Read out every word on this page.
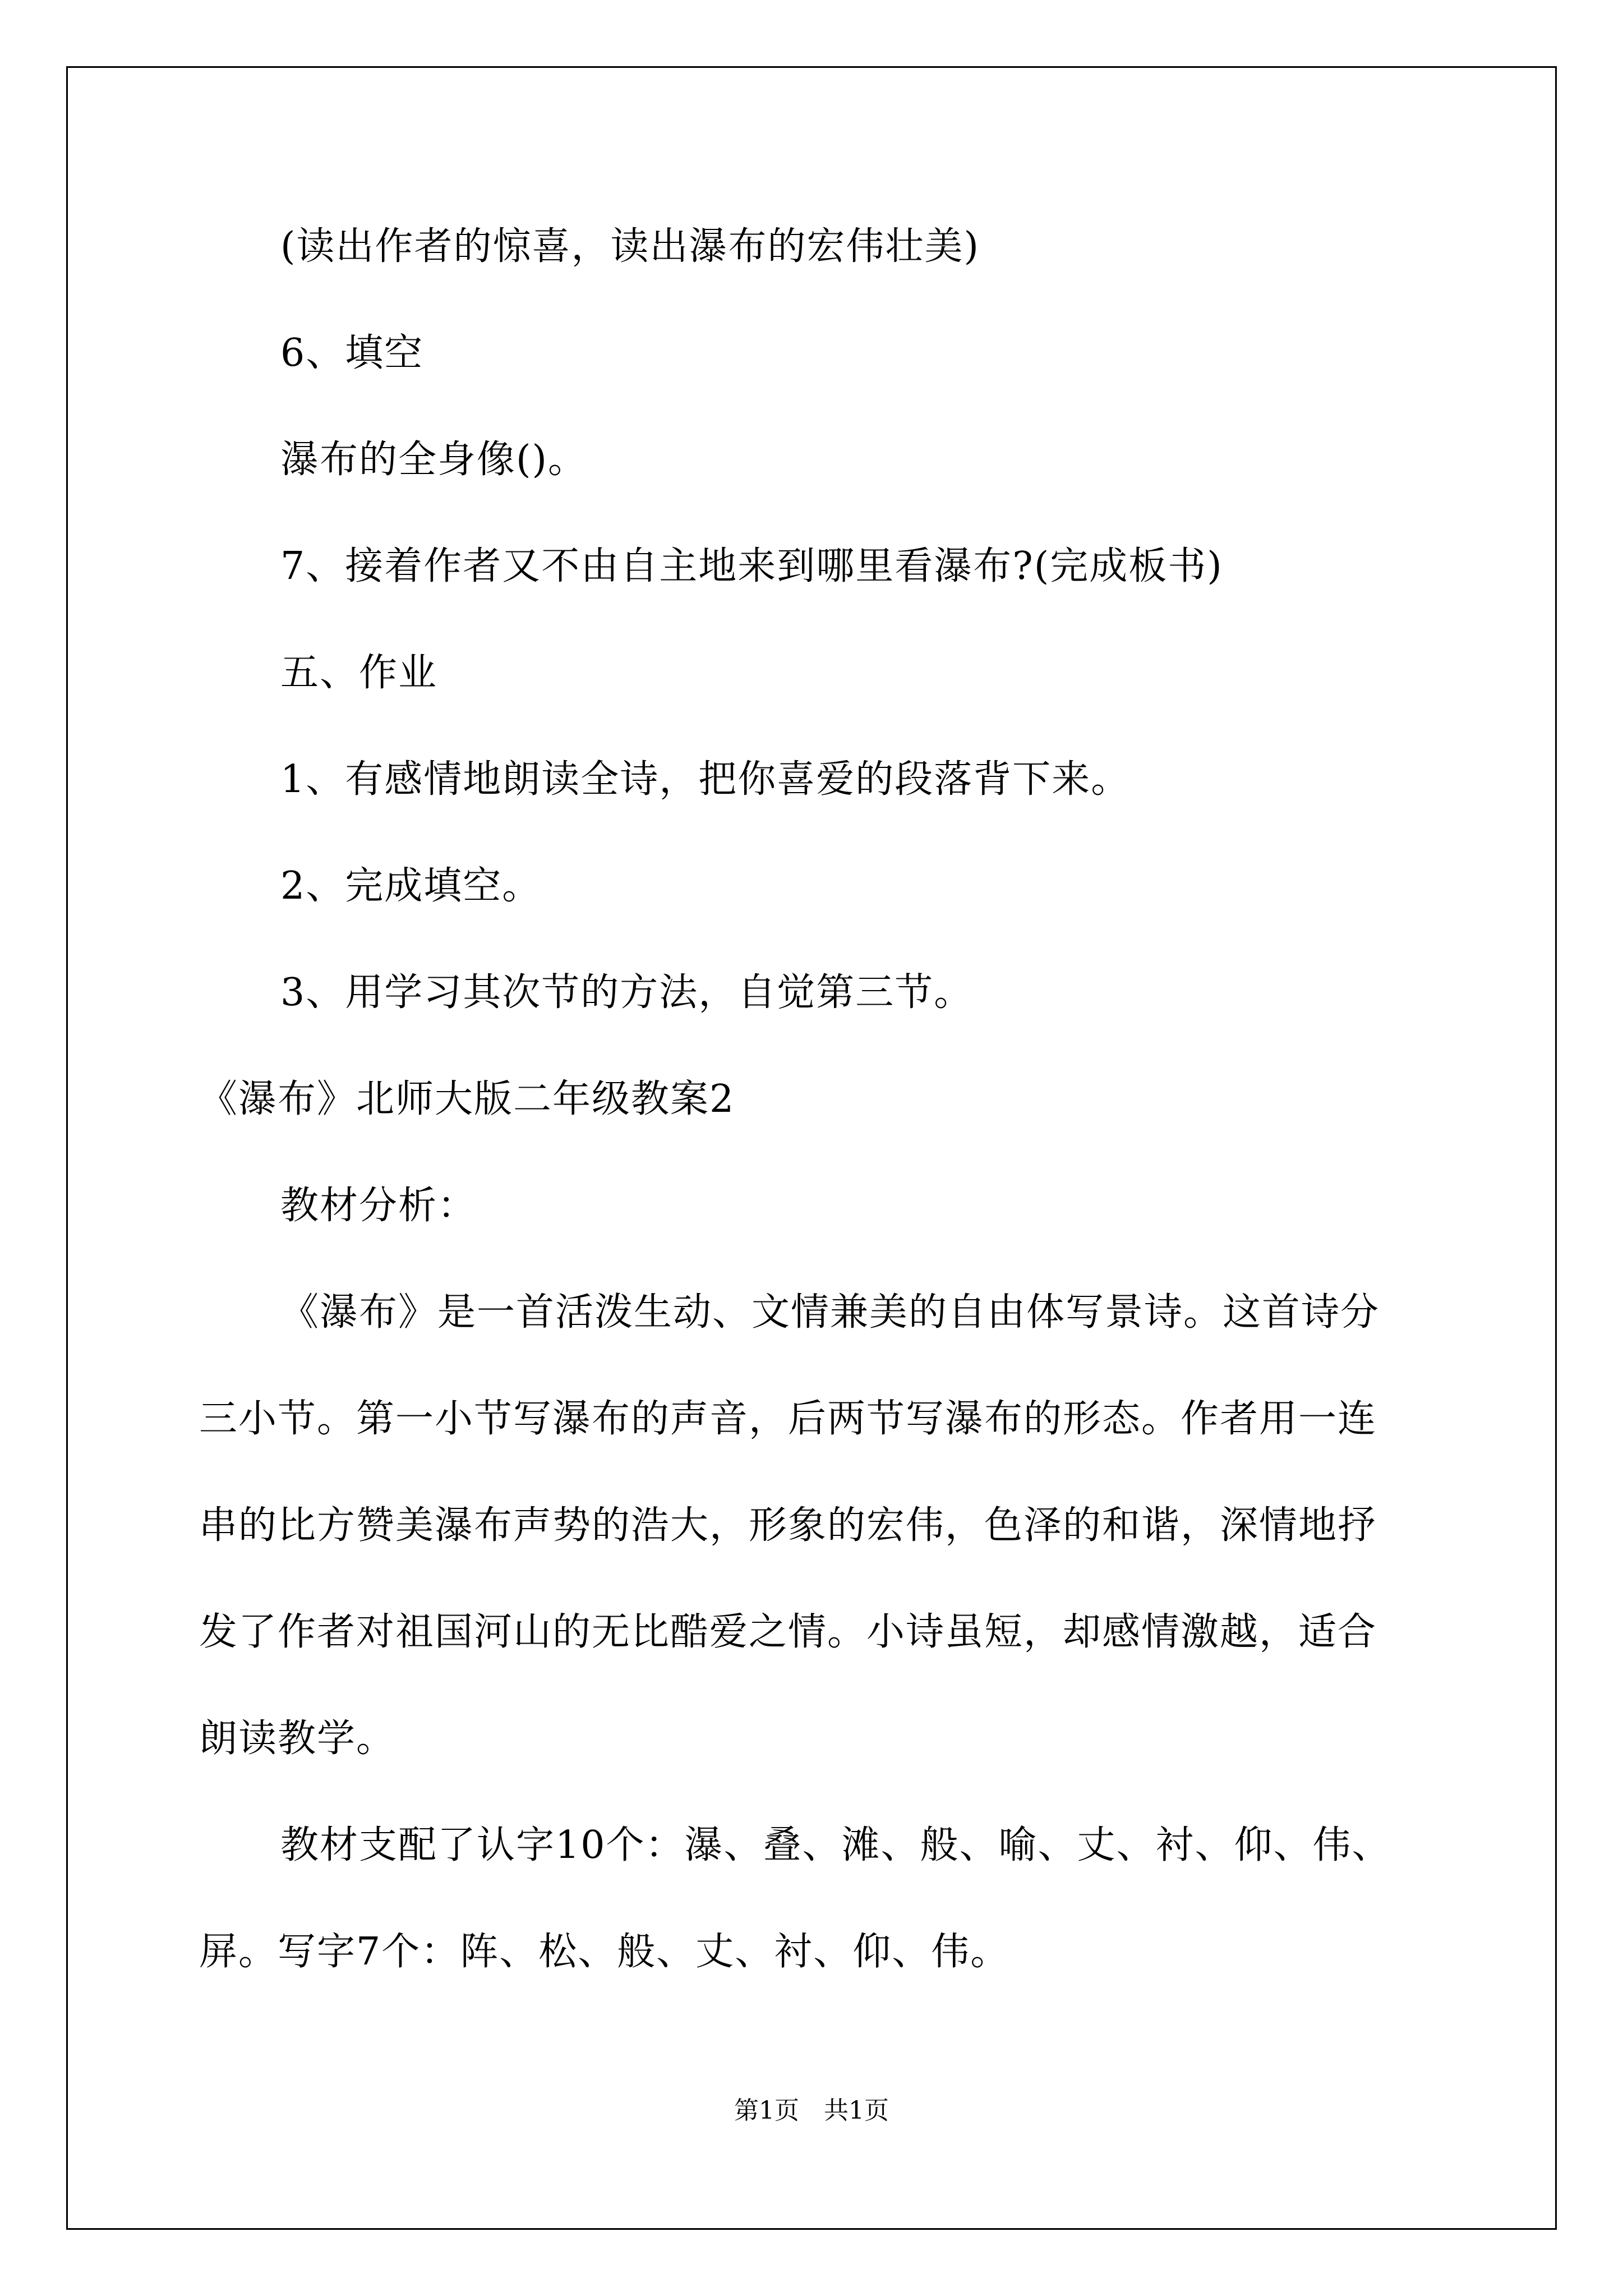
(读出作者的惊喜，读出瀑布的宏伟壮美)
6、填空
瀑布的全身像()。
7、接着作者又不由自主地来到哪里看瀑布?(完成板书)
五、作业
1、有感情地朗读全诗，把你喜爱的段落背下来。
2、完成填空。
3、用学习其次节的方法，自觉第三节。
《瀑布》北师大版二年级教案2
教材分析：
《瀑布》是一首活泼生动、文情兼美的自由体写景诗。这首诗分
三小节。第一小节写瀑布的声音，后两节写瀑布的形态。作者用一连
串的比方赞美瀑布声势的浩大，形象的宏伟，色泽的和谐，深情地抒
发了作者对祖国河山的无比酷爱之情。小诗虽短，却感情激越，适合
朗读教学。
教材支配了认字10个：瀑、叠、滩、般、喻、丈、衬、仰、伟、
屏。写字7个：阵、松、般、丈、衬、仰、伟。
第1页　共1页
